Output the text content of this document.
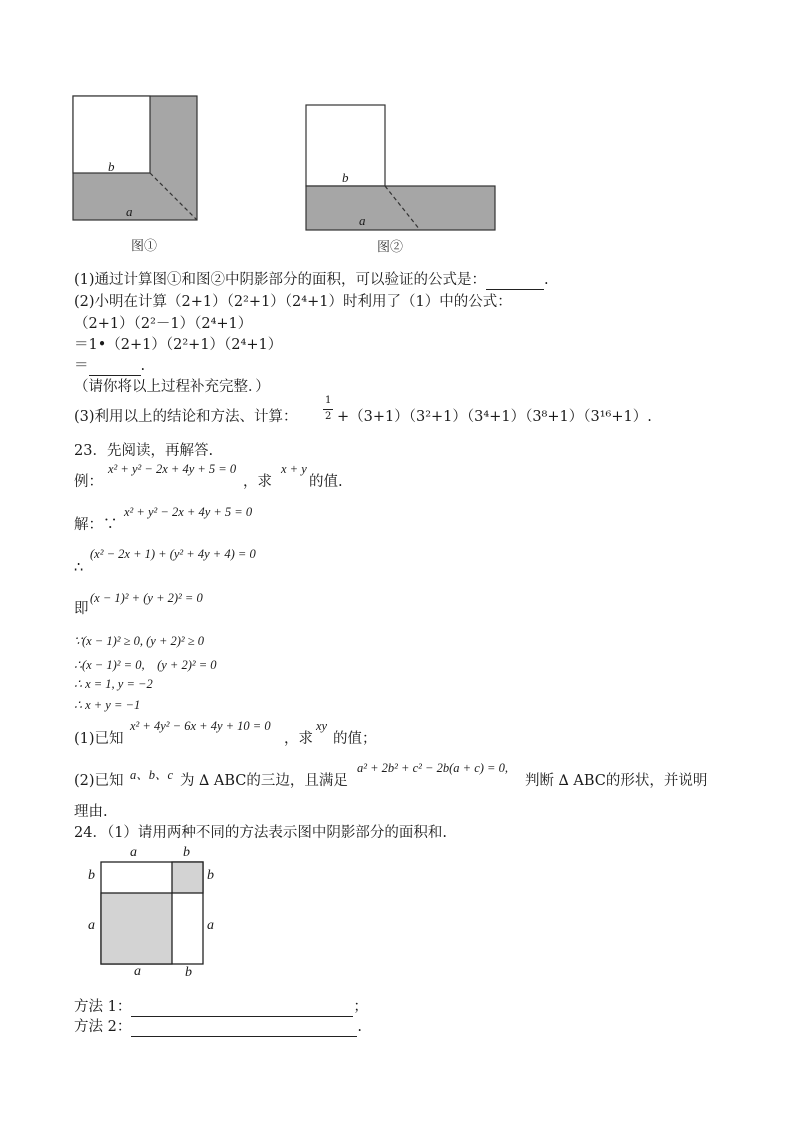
b
a
图①
b
a
图②
(1)通过计算图①和图②中阴影部分的面积，可以验证的公式是：	.
(2)小明在计算（2+1）（2²+1）（2⁴+1）时利用了（1）中的公式：
（2+1）（2²－1）（2⁴+1）
＝1•（2+1）（2²+1）（2⁴+1）
＝	.
（请你将以上过程补充完整．）
(3)利用以上的结论和方法、计算：
1
2 +（3+1）（3²+1）（3⁴+1）（3⁸+1）（3¹⁶+1）.
23．先阅读，再解答.
例：
x² + y² − 2x + 4y + 5 = 0
，求
x + y
的值.
解：∵
x² + y² − 2x + 4y + 5 = 0
∴
(x² − 2x + 1) + (y² + 4y + 4) = 0
即
(x − 1)² + (y + 2)² = 0
∵(x − 1)² ≥ 0, (y + 2)² ≥ 0
∴(x − 1)² = 0,　(y + 2)² = 0
∴ x = 1, y = −2
∴ x + y = −1
(1)已知
x² + 4y² − 6x + 4y + 10 = 0
，求
xy
的值；
(2)已知 a、b、c 为 ∆ ABC的三边，且满足
a² + 2b² + c² − 2b(a + c) = 0,
判断 ∆ ABC的形状，并说明
理由.
24．（1）请用两种不同的方法表示图中阴影部分的面积和.
a	b
b	b
a	a
a	b
方法 1：	；
方法 2：	.
